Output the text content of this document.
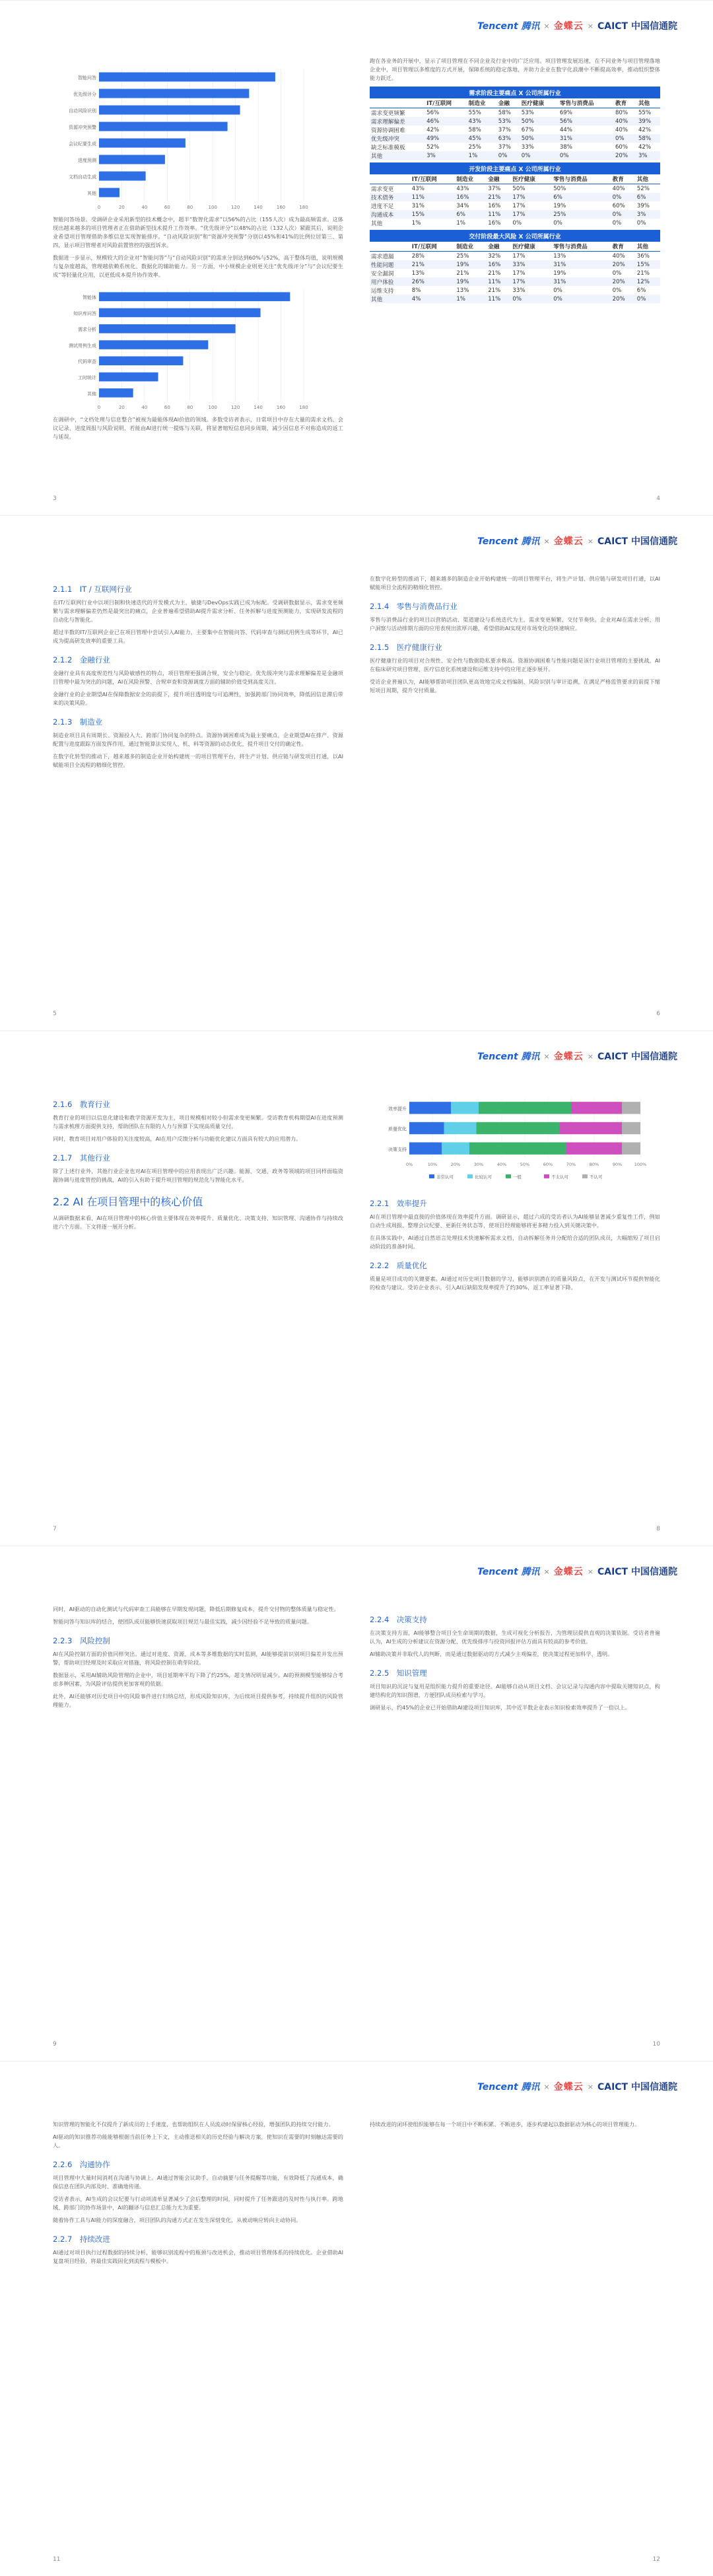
Tencent 腾讯 × 金蝶云 × CAICT 中国信通院
0	20	40	60	80	100	120	140	160	180
智能问答
优先级评分
自动风险识别
资源冲突预警
会议纪要生成
进度预测
文档自动生成
其他

智能问答场景。受调研企业采用新型的技术概念中，超半“数智化需求”以56%的占比（155人次）成为最高频需求。这体现出越来越多的项目管理者正在借助新型技术提升工作效率。“优先级评分”以48%的占比（132人次）紧跟其后，说明企业希望项目管理借助多维信息实现智能排序。“自动风险识别”和“资源冲突预警”分别以45%和41%的比例位居第三、第四，显示项目管理者对风险前置管控的强烈诉求。

数据进一步显示，规模较大的企业对“智能问答”与“自动风险识别”的需求分别达到60%与52%，高于整体均值，说明规模与复杂度越高，管理越依赖系统化、数据化的辅助能力。另一方面，中小规模企业则更关注“优先级评分”与“会议纪要生成”等轻量化应用，以更低成本提升协作效率。

0	20	40	60	80	100	120	140	160	180
智能体
知识库问答
需求分析
测试用例生成
代码审查
工时统计
其他

在调研中，“文档处理与信息整合”被视为最能体现AI价值的领域。多数受访者表示，日常项目中存在大量的需求文档、会议记录、进度周报与风险说明，若能由AI进行统一提炼与关联，将显著缩短信息同步周期，减少因信息不对称造成的返工与延误。

跑在各业务的开展中，显示了项目管理在不同企业及行业中的广泛应用。项目管理发展迅速，在不同业务与项目管理落地企业中，项目管理以多维度的方式开展，保障系统的稳定落地，并助力企业在数字化浪潮中不断提高效率，推动组织整体能力跃迁。

需求阶段主要痛点 X 公司所属行业							
	IT/互联网	制造业	金融	医疗健康	零售与消费品	教育	其他
需求变更频繁	56%	55%	58%	53%	69%	80%	55%
需求理解偏差	46%	43%	53%	50%	56%	40%	39%
资源协调困难	42%	58%	37%	67%	44%	40%	42%
优先级冲突	49%	45%	63%	50%	31%	0%	58%
缺乏标准模板	52%	25%	37%	33%	38%	60%	42%
其他	3%	1%	0%	0%	0%	20%	3%
开发阶段主要痛点 X 公司所属行业							
	IT/互联网	制造业	金融	医疗健康	零售与消费品	教育	其他
需求变更	43%	43%	37%	50%	50%	40%	52%
技术债务	11%	16%	21%	17%	6%	0%	6%
进度不足	31%	34%	16%	17%	19%	60%	39%
沟通成本	15%	6%	11%	17%	25%	0%	3%
其他	1%	1%	16%	0%	0%	0%	0%
交付阶段最大风险 X 公司所属行业							
	IT/互联网	制造业	金融	医疗健康	零售与消费品	教育	其他
需求遗漏	28%	25%	32%	17%	13%	40%	36%
性能问题	21%	19%	16%	33%	31%	20%	15%
安全漏洞	13%	21%	21%	17%	19%	0%	21%
用户体验	26%	19%	11%	17%	31%	20%	12%
运维支持	8%	13%	21%	33%	0%	0%	6%
其他	4%	1%	11%	0%	0%	20%	0%
3	4
Tencent 腾讯 × 金蝶云 × CAICT 中国信通院
2.1.1　IT / 互联网行业

在IT/互联网行业中以项目制和快速迭代的开发模式为主，敏捷与DevOps实践已成为标配。受调研数据显示，需求变更频繁与需求理解偏差仍然是最突出的痛点，企业普遍希望借助AI提升需求分析、任务拆解与进度预测能力，实现研发流程的自动化与智能化。

超过半数的IT/互联网企业已在项目管理中尝试引入AI能力，主要集中在智能问答、代码审查与测试用例生成等环节，AI已成为提高研发效率的重要工具。

2.1.2　金融行业

金融行业具有高度规范性与风险敏感性的特点，项目管理更强调合规、安全与稳定。优先级冲突与需求理解偏差是金融项目管理中最为突出的问题，AI在风险预警、合规审查和资源调度方面的辅助价值受到高度关注。

金融行业的企业期望AI在保障数据安全的前提下，提升项目透明度与可追溯性，加强跨部门协同效率，降低因信息滞后带来的决策风险。

2.1.3　制造业

制造业项目具有周期长、资源投入大、跨部门协同复杂的特点。资源协调困难成为最主要痛点，企业期望AI在排产、资源配置与进度跟踪方面发挥作用，通过智能算法实现人、机、料等资源的动态优化，提升项目交付的确定性。

在数字化转型的推动下，越来越多的制造企业开始构建统一的项目管理平台，将生产计划、供应链与研发项目打通，以AI赋能项目全流程的精细化管控。

在数字化转型的推动下，越来越多的制造企业开始构建统一的项目管理平台，将生产计划、供应链与研发项目打通，以AI赋能项目全流程的精细化管控。

2.1.4　零售与消费品行业

零售与消费品行业的项目以营销活动、渠道建设与系统迭代为主，需求变更频繁、交付节奏快。企业对AI在需求分析、用户洞察与活动排期方面的应用表现出浓厚兴趣，希望借助AI实现对市场变化的快速响应。

2.1.5　医疗健康行业

医疗健康行业的项目对合规性、安全性与数据隐私要求极高。资源协调困难与性能问题是该行业项目管理的主要挑战，AI在临床研究项目管理、医疗信息化系统建设和运维支持中的应用正逐步展开。

受访企业普遍认为，AI能够帮助项目团队更高效地完成文档编制、风险识别与审计追溯，在满足严格监管要求的前提下缩短项目周期，提升交付质量。

5	6
Tencent 腾讯 × 金蝶云 × CAICT 中国信通院
2.1.6　教育行业

教育行业的项目以信息化建设和教学资源开发为主，项目规模相对较小但需求变更频繁。受访教育机构期望AI在进度预测与需求梳理方面提供支持，帮助团队在有限的人力与预算下实现高质量交付。

同时，教育项目对用户体验的关注度较高，AI在用户反馈分析与功能优化建议方面具有较大的应用潜力。

2.1.7　其他行业

除了上述行业外，其他行业企业也对AI在项目管理中的应用表现出广泛兴趣。能源、交通、政务等领域的项目同样面临资源协调与进度管控的挑战，AI的引入有助于提升项目管理的规范化与智能化水平。

2.2 AI 在项目管理中的核心价值

从调研数据来看，AI在项目管理中的核心价值主要体现在效率提升、质量优化、决策支持、知识管理、沟通协作与持续改进六个方面。下文将逐一展开分析。

0%	10%	20%	30%	40%	50%	60%	70%	80%	90%	100%
效率提升
质量优化
决策支持
非常认可	比较认可	一般	不太认可	不认可
2.2.1　效率提升

AI在项目管理中最直接的价值体现在效率提升方面。调研显示，超过六成的受访者认为AI能够显著减少重复性工作，例如自动生成周报、整理会议纪要、更新任务状态等，使项目经理能够将更多精力投入到关键决策中。

在具体实践中，AI通过自然语言处理技术快速解析需求文档，自动拆解任务并分配给合适的团队成员，大幅缩短了项目启动阶段的准备时间。

2.2.2　质量优化

质量是项目成功的关键要素。AI通过对历史项目数据的学习，能够识别潜在的质量风险点，在开发与测试环节提供智能化的检查与建议。受访企业表示，引入AI后缺陷发现率提升了约30%，返工率显著下降。

7	8
Tencent 腾讯 × 金蝶云 × CAICT 中国信通院

同时，AI驱动的自动化测试与代码审查工具能够在早期发现问题，降低后期修复成本，提升交付物的整体质量与稳定性。

智能问答与知识库的结合，使团队成员能够快速获取项目规范与最佳实践，减少因经验不足导致的质量问题。

2.2.3　风险控制

AI在风险控制方面的价值同样突出。通过对进度、资源、成本等多维数据的实时监测，AI能够提前识别项目偏差并发出预警，帮助项目经理及时采取应对措施，将风险控制在萌芽阶段。

数据显示，采用AI辅助风险管理的企业中，项目延期率平均下降了约25%，超支情况明显减少。AI的预测模型能够综合考虑多种因素，为风险评估提供更加客观的依据。

此外，AI还能够对历史项目中的风险事件进行归纳总结，形成风险知识库，为后续项目提供参考，持续提升组织的风险管理能力。

2.2.4　决策支持

在决策支持方面，AI能够整合项目全生命周期的数据，生成可视化分析报告，为管理层提供直观的决策依据。受访者普遍认为，AI生成的分析建议在资源分配、优先级排序与投资回报评估方面具有较高的参考价值。

AI辅助决策并非取代人的判断，而是通过数据驱动的方式减少主观偏差，使决策过程更加科学、透明。

2.2.5　知识管理

项目知识的沉淀与复用是组织能力提升的重要途径。AI能够自动从项目文档、会议记录与沟通内容中提取关键知识点，构建结构化的知识图谱，方便团队成员检索与学习。

调研显示，约45%的企业已开始借助AI建设项目知识库，其中近半数企业表示知识检索效率提升了一倍以上。

9	10
Tencent 腾讯 × 金蝶云 × CAICT 中国信通院

知识管理的智能化不仅提升了新成员的上手速度，也帮助组织在人员流动时保留核心经验，增强团队的持续交付能力。

AI驱动的知识推荐功能能够根据当前任务上下文，主动推送相关的历史经验与解决方案，使知识在需要的时刻触达需要的人。

2.2.6　沟通协作

项目管理中大量时间消耗在沟通与协调上。AI通过智能会议助手、自动摘要与任务提醒等功能，有效降低了沟通成本，确保信息在团队内部及时、准确地传递。

受访者表示，AI生成的会议纪要与行动项清单显著减少了会后整理的时间，同时提升了任务跟进的及时性与执行率。跨地域、跨部门的协作场景中，AI的翻译与信息汇总能力尤为重要。

随着协作工具与AI能力的深度融合，项目团队的沟通方式正在发生深刻变化，从被动响应转向主动协同。

2.2.7　持续改进

AI通过对项目执行过程数据的持续分析，能够识别流程中的瓶颈与改进机会，推动项目管理体系的持续优化。企业借助AI复盘项目经验，将最佳实践固化到流程与模板中。

持续改进的闭环使组织能够在每一个项目中不断积累、不断进步，逐步构建起以数据驱动为核心的项目管理能力。

11	12
